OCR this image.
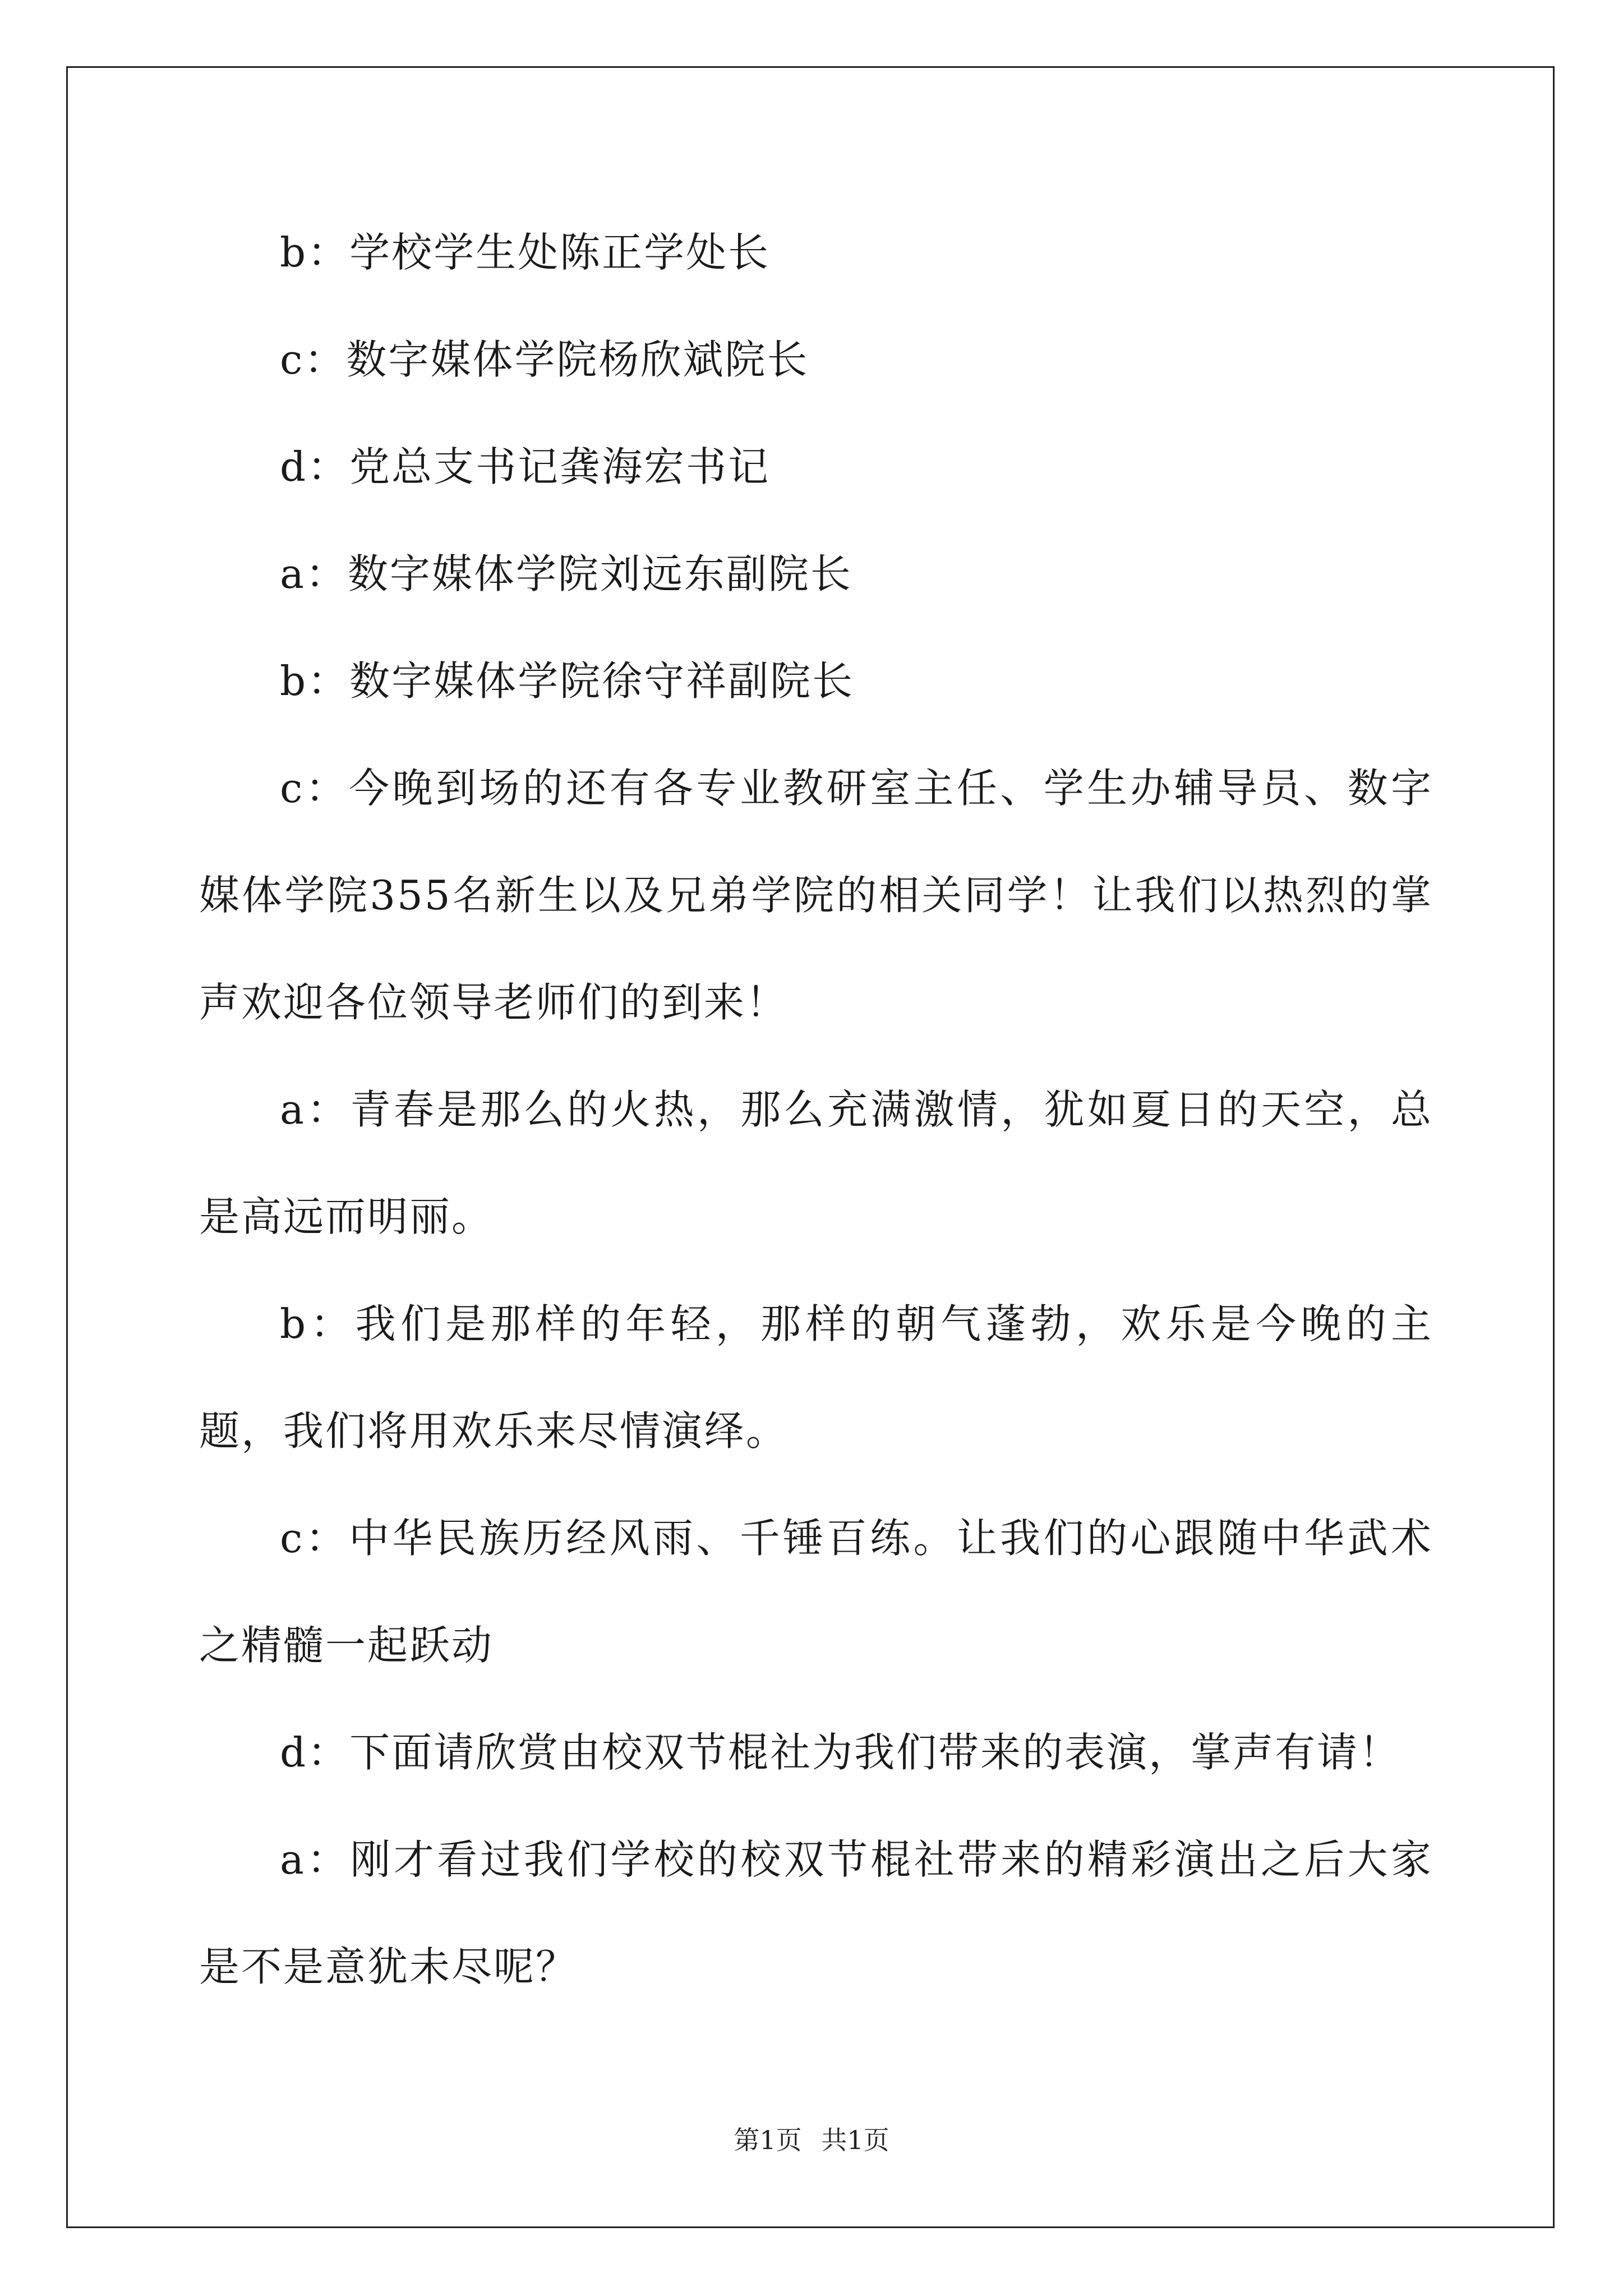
b：学校学生处陈正学处长

c：数字媒体学院杨欣斌院长

d：党总支书记龚海宏书记

a：数字媒体学院刘远东副院长

b：数字媒体学院徐守祥副院长

c：今晚到场的还有各专业教研室主任、学生办辅导员、数字媒体学院355名新生以及兄弟学院的相关同学！让我们以热烈的掌声欢迎各位领导老师们的到来！

a：青春是那么的火热，那么充满激情，犹如夏日的天空，总是高远而明丽。

b：我们是那样的年轻，那样的朝气蓬勃，欢乐是今晚的主题，我们将用欢乐来尽情演绎。

c：中华民族历经风雨、千锤百练。让我们的心跟随中华武术之精髓一起跃动

d：下面请欣赏由校双节棍社为我们带来的表演，掌声有请！

a：刚才看过我们学校的校双节棍社带来的精彩演出之后大家是不是意犹未尽呢？

第1页 共1页
